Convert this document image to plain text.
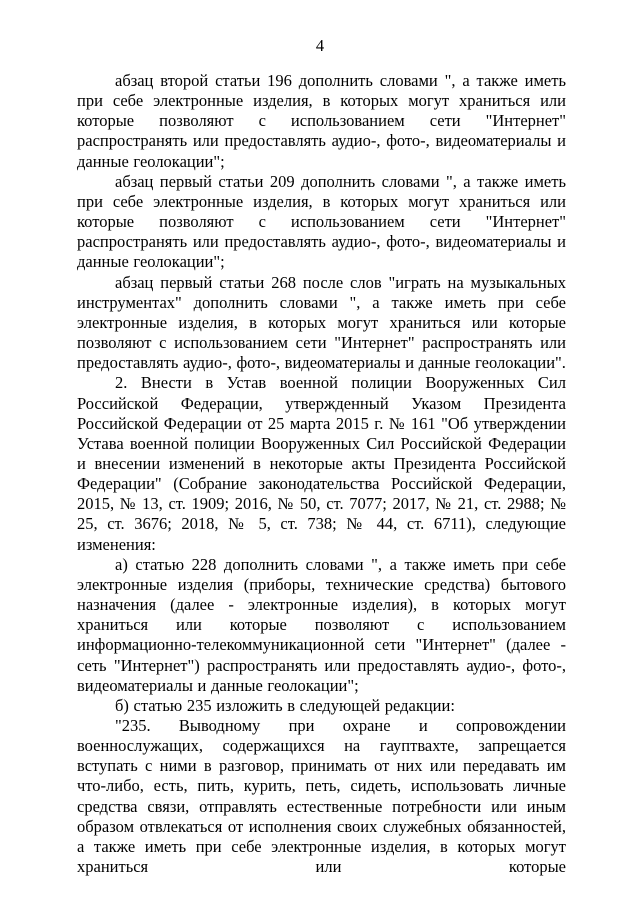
4

абзац второй статьи 196 дополнить словами ", а также иметь при себе электронные изделия, в которых могут храниться или которые позволяют с использованием сети "Интернет" распространять или предоставлять аудио-, фото-, видеоматериалы и данные геолокации";

абзац первый статьи 209 дополнить словами ", а также иметь при себе электронные изделия, в которых могут храниться или которые позволяют с использованием сети "Интернет" распространять или предоставлять аудио-, фото-, видеоматериалы и данные геолокации";

абзац первый статьи 268 после слов "играть на музыкальных инструментах" дополнить словами ", а также иметь при себе электронные изделия, в которых могут храниться или которые позволяют с использованием сети "Интернет" распространять или предоставлять аудио-, фото-, видеоматериалы и данные геолокации".

2. Внести в Устав военной полиции Вооруженных Сил Российской Федерации, утвержденный Указом Президента Российской Федерации от 25 марта 2015 г. № 161 "Об утверждении Устава военной полиции Вооруженных Сил Российской Федерации и внесении изменений в некоторые акты Президента Российской Федерации" (Собрание законодательства Российской Федерации, 2015, № 13, ст. 1909; 2016, № 50, ст. 7077; 2017, № 21, ст. 2988; № 25, ст. 3676; 2018, № 5, ст. 738; № 44, ст. 6711), следующие изменения:

а) статью 228 дополнить словами ", а также иметь при себе электронные изделия (приборы, технические средства) бытового назначения (далее - электронные изделия), в которых могут храниться или которые позволяют с использованием информационно-телекоммуникационной сети "Интернет" (далее - сеть "Интернет") распространять или предоставлять аудио-, фото-, видеоматериалы и данные геолокации";

б) статью 235 изложить в следующей редакции:

"235. Выводному при охране и сопровождении военнослужащих, содержащихся на гауптвахте, запрещается вступать с ними в разговор, принимать от них или передавать им что-либо, есть, пить, курить, петь, сидеть, использовать личные средства связи, отправлять естественные потребности или иным образом отвлекаться от исполнения своих служебных обязанностей, а также иметь при себе электронные изделия, в которых могут храниться или которые
